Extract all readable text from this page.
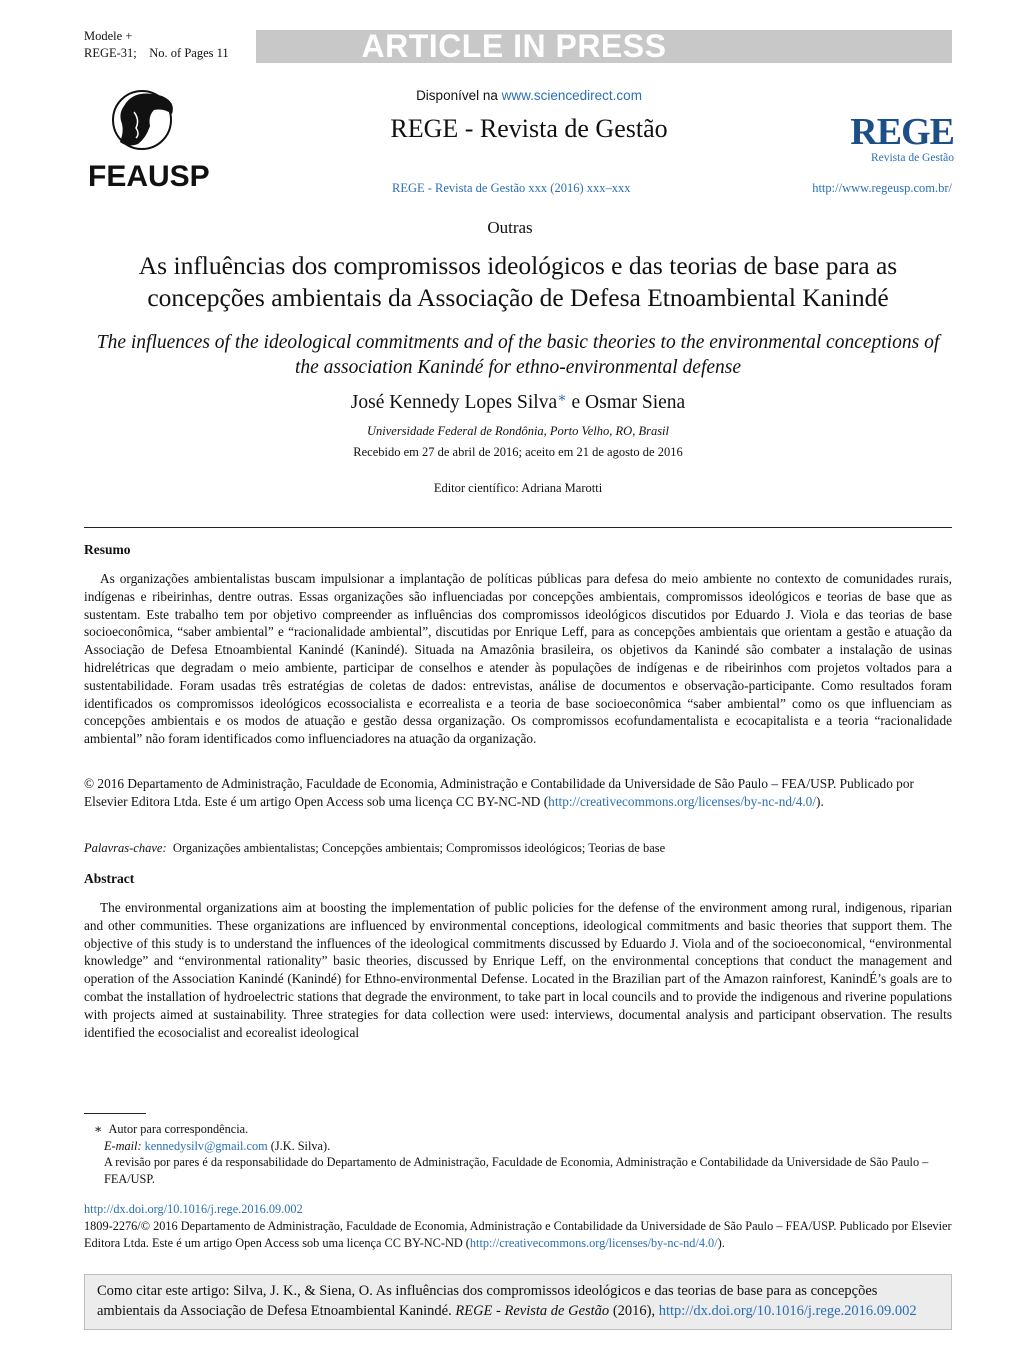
Modele +
REGE-31; No. of Pages 11	ARTICLE IN PRESS
FEAUSP
Disponível na www.sciencedirect.com
REGE - Revista de Gestão	REGE
Revista de Gestão
REGE - Revista de Gestão xxx (2016) xxx–xxx	http://www.regeusp.com.br/
Outras
As influências dos compromissos ideológicos e das teorias de base para as concepções ambientais da Associação de Defesa Etnoambiental Kanindé
The influences of the ideological commitments and of the basic theories to the environmental conceptions of the association Kanindé for ethno-environmental defense
José Kennedy Lopes Silva∗ e Osmar Siena
Universidade Federal de Rondônia, Porto Velho, RO, Brasil
Recebido em 27 de abril de 2016; aceito em 21 de agosto de 2016
Editor científico: Adriana Marotti
Resumo

As organizações ambientalistas buscam impulsionar a implantação de políticas públicas para defesa do meio ambiente no contexto de comunidades rurais, indígenas e ribeirinhas, dentre outras. Essas organizações são influenciadas por concepções ambientais, compromissos ideológicos e teorias de base que as sustentam. Este trabalho tem por objetivo compreender as influências dos compromissos ideológicos discutidos por Eduardo J. Viola e das teorias de base socioeconômica, “saber ambiental” e “racionalidade ambiental”, discutidas por Enrique Leff, para as concepções ambientais que orientam a gestão e atuação da Associação de Defesa Etnoambiental Kanindé (Kanindé). Situada na Amazônia brasileira, os objetivos da Kanindé são combater a instalação de usinas hidrelétricas que degradam o meio ambiente, participar de conselhos e atender às populações de indígenas e de ribeirinhos com projetos voltados para a sustentabilidade. Foram usadas três estratégias de coletas de dados: entrevistas, análise de documentos e observação-participante. Como resultados foram identificados os compromissos ideológicos ecossocialista e ecorrealista e a teoria de base socioeconômica “saber ambiental” como os que influenciam as concepções ambientais e os modos de atuação e gestão dessa organização. Os compromissos ecofundamentalista e ecocapitalista e a teoria “racionalidade ambiental” não foram identificados como influenciadores na atuação da organização.

© 2016 Departamento de Administração, Faculdade de Economia, Administração e Contabilidade da Universidade de São Paulo – FEA/USP. Publicado por Elsevier Editora Ltda. Este é um artigo Open Access sob uma licença CC BY-NC-ND (http://creativecommons.org/licenses/by-nc-nd/4.0/).
Palavras-chave: Organizações ambientalistas; Concepções ambientais; Compromissos ideológicos; Teorias de base
Abstract

The environmental organizations aim at boosting the implementation of public policies for the defense of the environment among rural, indigenous, riparian and other communities. These organizations are influenced by environmental conceptions, ideological commitments and basic theories that support them. The objective of this study is to understand the influences of the ideological commitments discussed by Eduardo J. Viola and of the socioeconomical, “environmental knowledge” and “environmental rationality” basic theories, discussed by Enrique Leff, on the environmental conceptions that conduct the management and operation of the Association Kanindé (Kanindé) for Ethno-environmental Defense. Located in the Brazilian part of the Amazon rainforest, KanindÉ’s goals are to combat the installation of hydroelectric stations that degrade the environment, to take part in local councils and to provide the indigenous and riverine populations with projects aimed at sustainability. Three strategies for data collection were used: interviews, documental analysis and participant observation. The results identified the ecosocialist and ecorealist ideological

∗ Autor para correspondência.
E-mail: kennedysilv@gmail.com (J.K. Silva).
A revisão por pares é da responsabilidade do Departamento de Administração, Faculdade de Economia, Administração e Contabilidade da Universidade de São Paulo – FEA/USP.
http://dx.doi.org/10.1016/j.rege.2016.09.002
1809-2276/© 2016 Departamento de Administração, Faculdade de Economia, Administração e Contabilidade da Universidade de São Paulo – FEA/USP. Publicado por Elsevier Editora Ltda. Este é um artigo Open Access sob uma licença CC BY-NC-ND (http://creativecommons.org/licenses/by-nc-nd/4.0/).
Como citar este artigo: Silva, J. K., & Siena, O. As influências dos compromissos ideológicos e das teorias de base para as concepções ambientais da Associação de Defesa Etnoambiental Kanindé. REGE - Revista de Gestão (2016), http://dx.doi.org/10.1016/j.rege.2016.09.002
